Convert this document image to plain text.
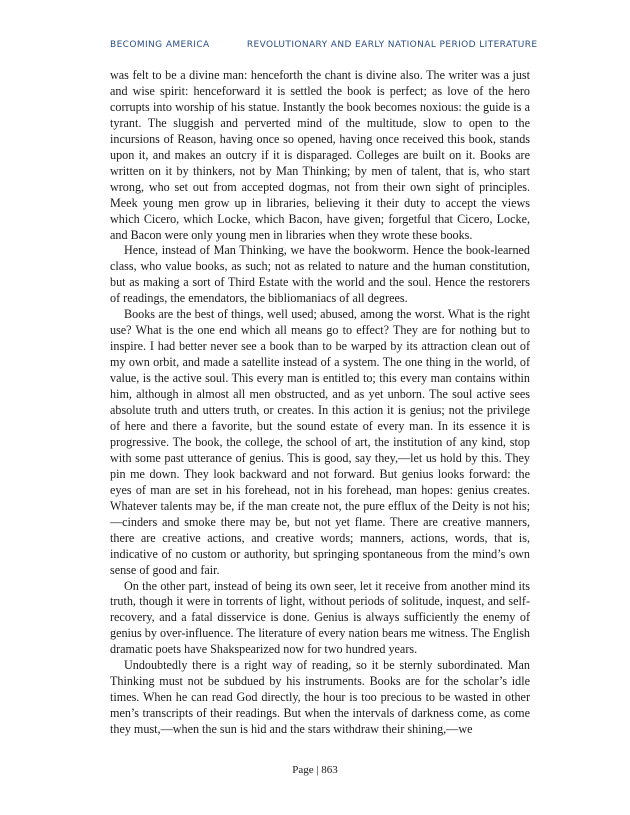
BECOMING AMERICA	REVOLUTIONARY AND EARLY NATIONAL PERIOD LITERATURE

was felt to be a divine man: henceforth the chant is divine also. The writer was a just and wise spirit: henceforward it is settled the book is perfect; as love of the hero corrupts into worship of his statue. Instantly the book becomes noxious: the guide is a tyrant. The sluggish and perverted mind of the multitude, slow to open to the incursions of Reason, having once so opened, having once received this book, stands upon it, and makes an outcry if it is disparaged. Colleges are built on it. Books are written on it by thinkers, not by Man Thinking; by men of talent, that is, who start wrong, who set out from accepted dogmas, not from their own sight of principles. Meek young men grow up in libraries, believing it their duty to accept the views which Cicero, which Locke, which Bacon, have given; forgetful that Cicero, Locke, and Bacon were only young men in libraries when they wrote these books.

Hence, instead of Man Thinking, we have the bookworm. Hence the book-learned class, who value books, as such; not as related to nature and the human constitution, but as making a sort of Third Estate with the world and the soul. Hence the restorers of readings, the emendators, the bibliomaniacs of all degrees.

Books are the best of things, well used; abused, among the worst. What is the right use? What is the one end which all means go to effect? They are for nothing but to inspire. I had better never see a book than to be warped by its attraction clean out of my own orbit, and made a satellite instead of a system. The one thing in the world, of value, is the active soul. This every man is entitled to; this every man contains within him, although in almost all men obstructed, and as yet unborn. The soul active sees absolute truth and utters truth, or creates. In this action it is genius; not the privilege of here and there a favorite, but the sound estate of every man. In its essence it is progressive. The book, the college, the school of art, the institution of any kind, stop with some past utterance of genius. This is good, say they,—let us hold by this. They pin me down. They look backward and not forward. But genius looks forward: the eyes of man are set in his forehead, not in his forehead, man hopes: genius creates. Whatever talents may be, if the man create not, the pure efflux of the Deity is not his;—cinders and smoke there may be, but not yet flame. There are creative manners, there are creative actions, and creative words; manners, actions, words, that is, indicative of no custom or authority, but springing spontaneous from the mind’s own sense of good and fair.

On the other part, instead of being its own seer, let it receive from another mind its truth, though it were in torrents of light, without periods of solitude, inquest, and self-recovery, and a fatal disservice is done. Genius is always sufficiently the enemy of genius by over-influence. The literature of every nation bears me witness. The English dramatic poets have Shakspearized now for two hundred years.

Undoubtedly there is a right way of reading, so it be sternly subordinated. Man Thinking must not be subdued by his instruments. Books are for the scholar’s idle times. When he can read God directly, the hour is too precious to be wasted in other men’s transcripts of their readings. But when the intervals of darkness come, as come they must,—when the sun is hid and the stars withdraw their shining,—we

Page | 863
